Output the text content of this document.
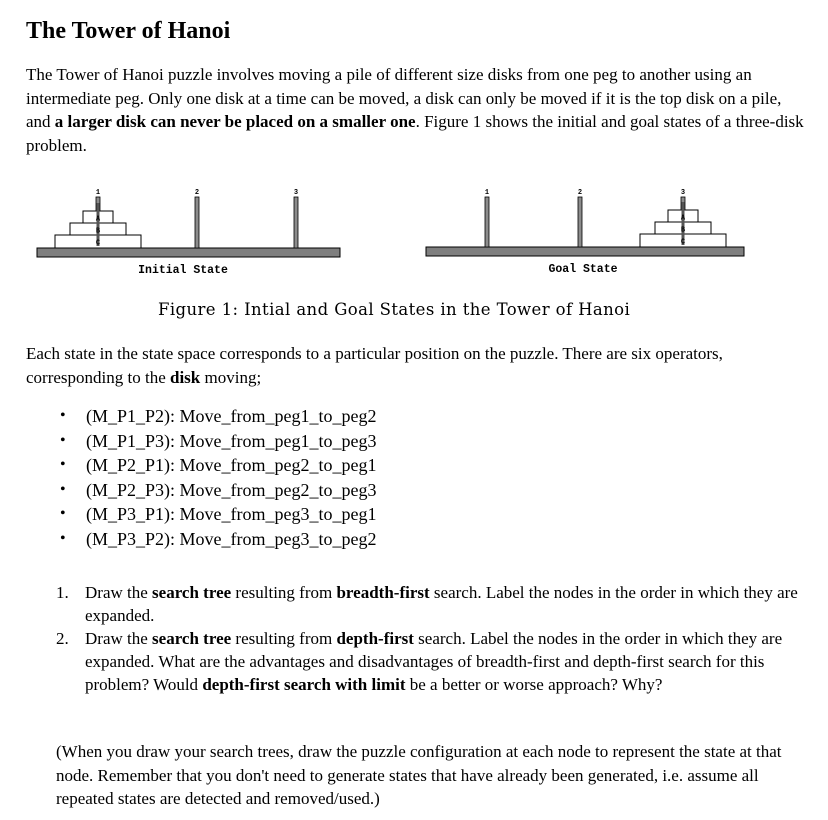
The Tower of Hanoi

The Tower of Hanoi puzzle involves moving a pile of different size disks from one peg to another using an intermediate peg. Only one disk at a time can be moved, a disk can only be moved if it is the top disk on a pile, and a larger disk can never be placed on a smaller one. Figure 1 shows the initial and goal states of a three-disk problem.

A
B
C
1	2	3
Initial State
A
B
C
1	2	3
Goal State
Figure 1: Intial and Goal States in the Tower of Hanoi

Each state in the state space corresponds to a particular position on the puzzle. There are six operators, corresponding to the disk moving;

• (M_P1_P2): Move_from_peg1_to_peg2
• (M_P1_P3): Move_from_peg1_to_peg3
• (M_P2_P1): Move_from_peg2_to_peg1
• (M_P2_P3): Move_from_peg2_to_peg3
• (M_P3_P1): Move_from_peg3_to_peg1
• (M_P3_P2): Move_from_peg3_to_peg2
1. Draw the search tree resulting from breadth-first search. Label the nodes in the order in which they are expanded.
2. Draw the search tree resulting from depth-first search. Label the nodes in the order in which they are expanded. What are the advantages and disadvantages of breadth-first and depth-first search for this problem? Would depth-first search with limit be a better or worse approach? Why?

(When you draw your search trees, draw the puzzle configuration at each node to represent the state at that node. Remember that you don't need to generate states that have already been generated, i.e. assume all repeated states are detected and removed/used.)
